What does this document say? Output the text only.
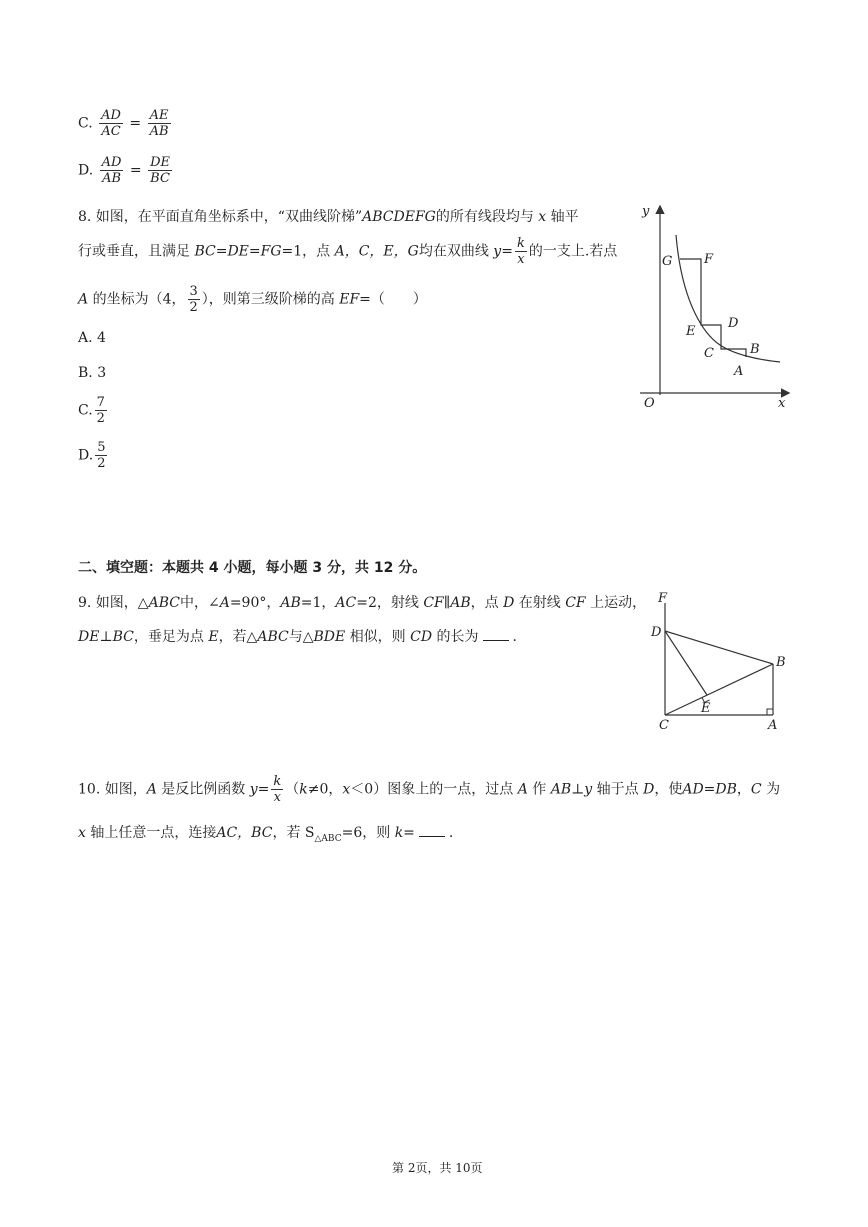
C. $\frac{AD}{AC} = \frac{AE}{AB}$
D. $\frac{AD}{AB} = \frac{DE}{BC}$
8. 如图，在平面直角坐标系中，“双曲线阶梯”ABCDEFG的所有线段均与 x 轴平
行或垂直，且满足 BC=DE=FG=1，点 A，C，E，G均在双曲线 $y= \frac{k}{x}$ 的一支上.若点
A 的坐标为（4， $\frac{3}{2}$ ），则第三级阶梯的高 EF=（　　）
A. 4
B. 3
C. $\frac{7}{2}$
D. $\frac{5}{2}$
y
x
O
G F
E
D
C	B
A
二、填空题：本题共 4 小题，每小题 3 分，共 12 分。
9. 如图，△ABC中，∠A=90°，AB=1，AC=2，射线 CF∥AB，点 D 在射线 CF 上运动，
DE⊥BC，垂足为点 E，若△ABC与△BDE 相似，则 CD 的长为 .
F
D
B
E
C	A
10. 如图，A 是反比例函数 $y= \frac{k}{x} (k\ne 0$，x＜0）图象上的一点，过点 A 作 AB⊥y 轴于点 D，使AD=DB，C 为
x 轴上任意一点，连接AC，BC，若 $S_{\triangle ABC}=6$，则 k= .
第 2页，共 10页
